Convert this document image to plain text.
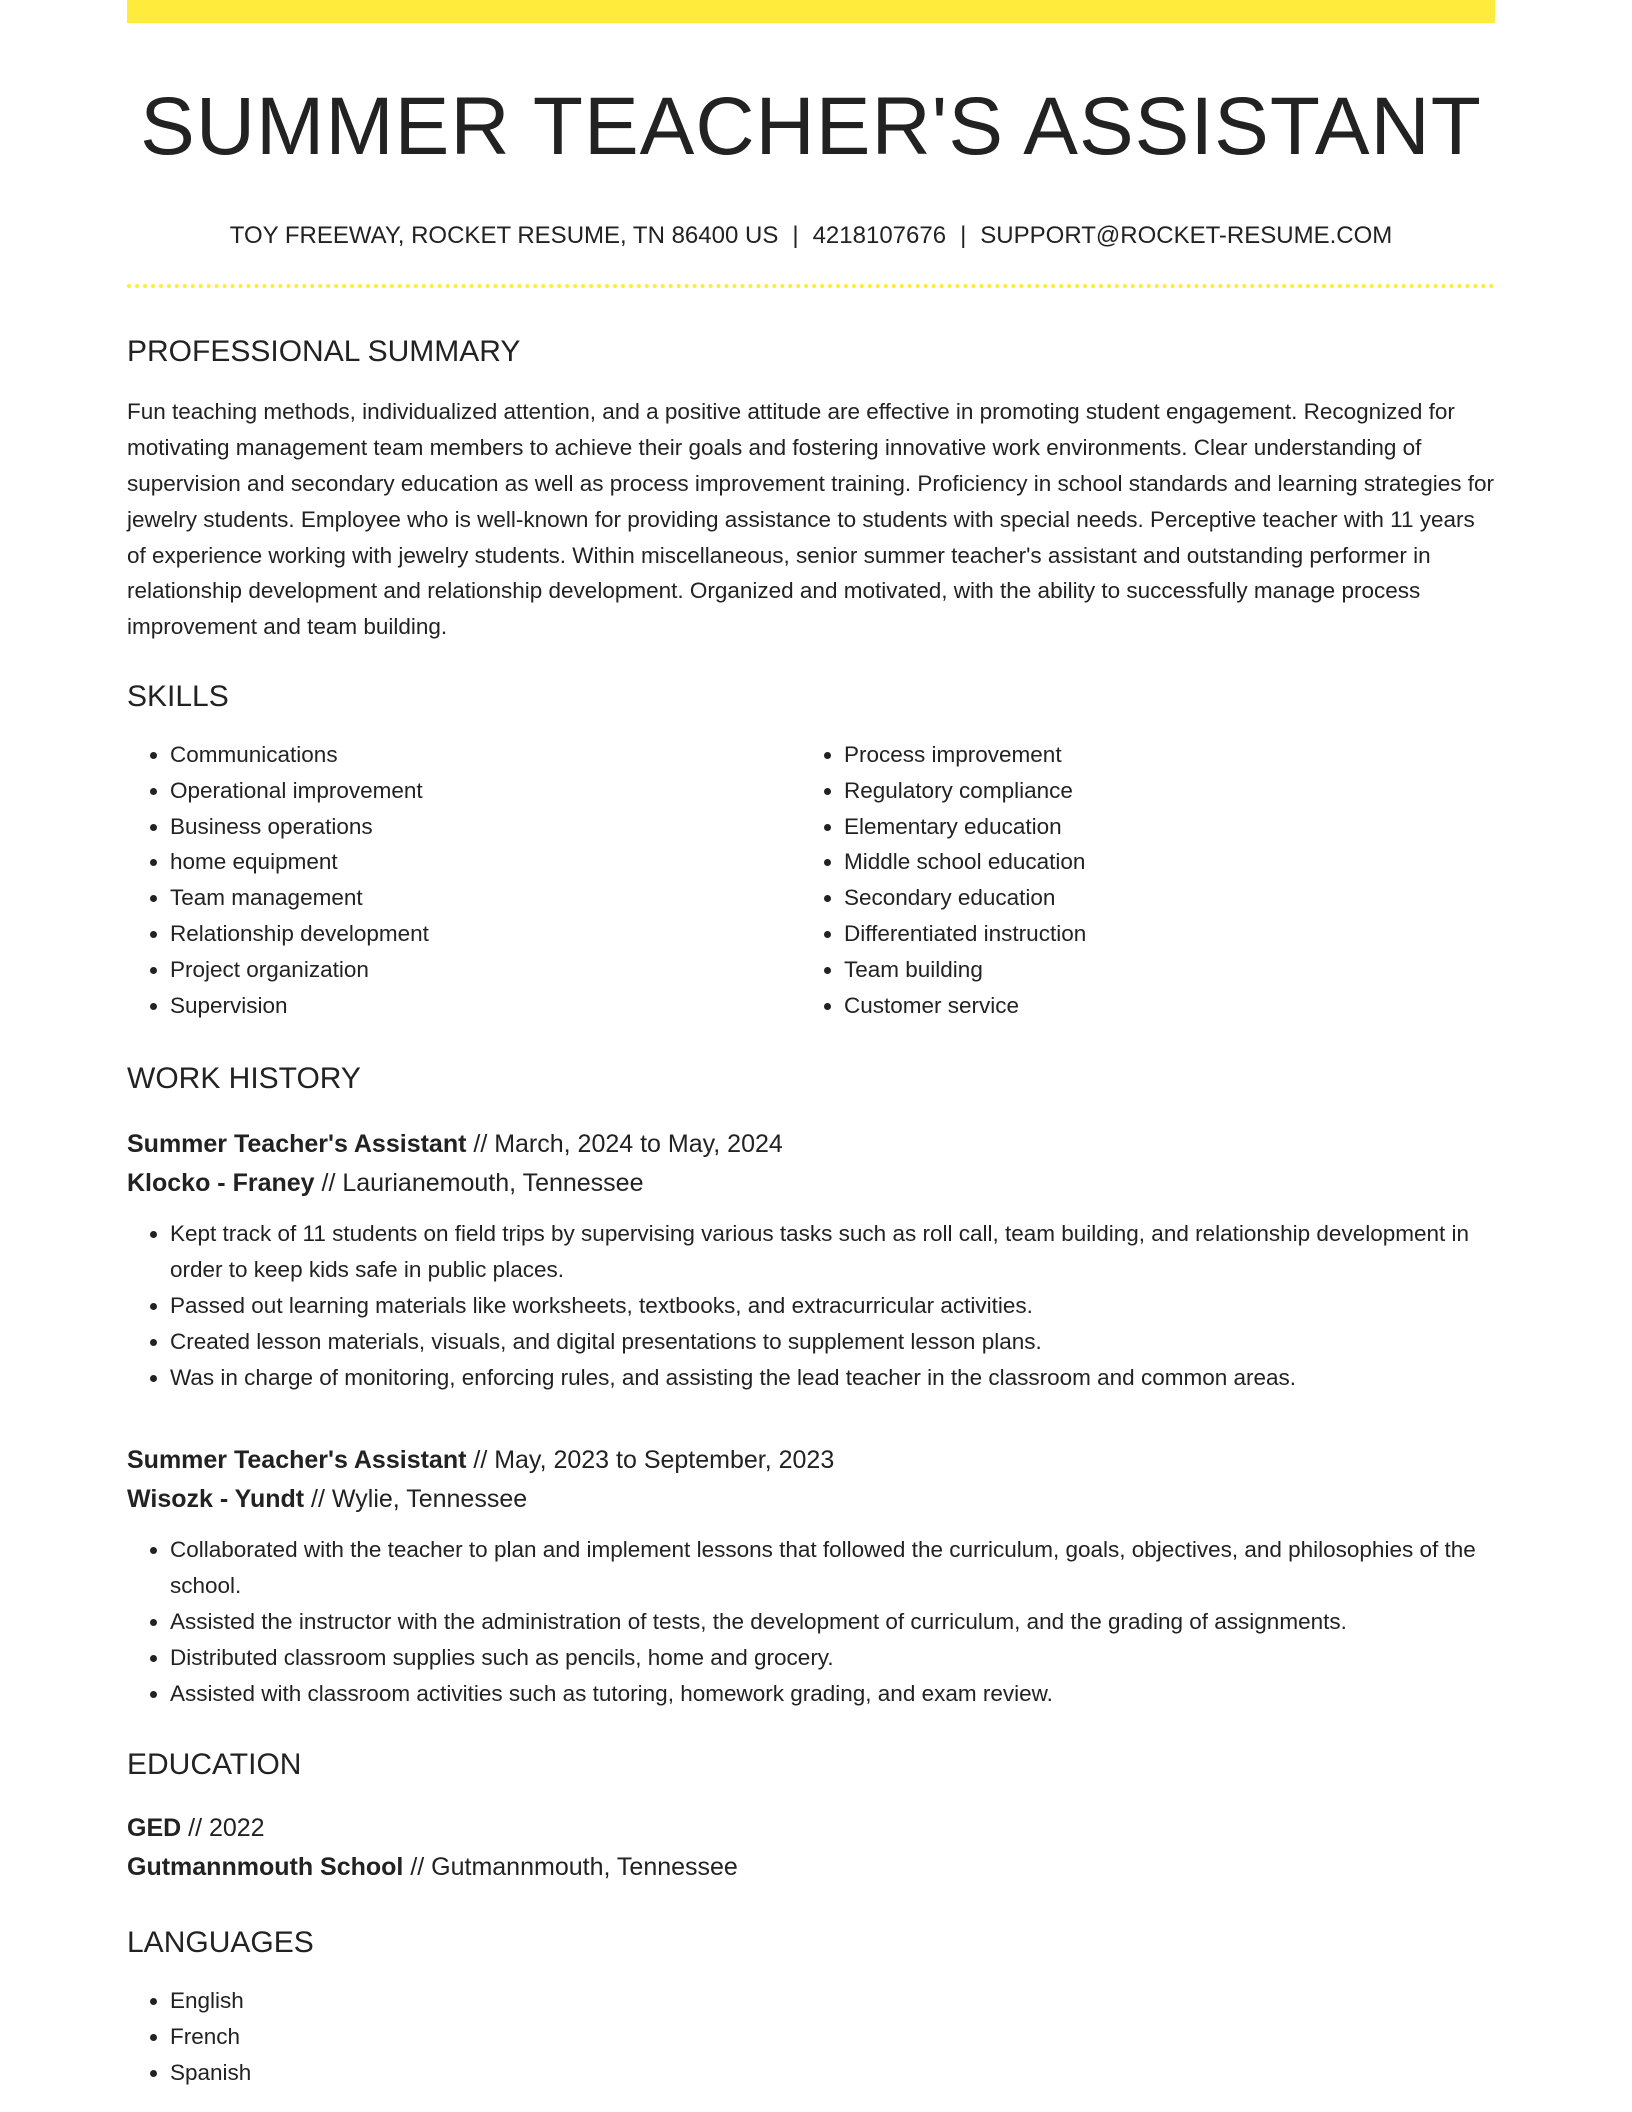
SUMMER TEACHER'S ASSISTANT
TOY FREEWAY, ROCKET RESUME, TN 86400 US | 4218107676 | SUPPORT@ROCKET-RESUME.COM
PROFESSIONAL SUMMARY
Fun teaching methods, individualized attention, and a positive attitude are effective in promoting student engagement. Recognized for motivating management team members to achieve their goals and fostering innovative work environments. Clear understanding of supervision and secondary education as well as process improvement training. Proficiency in school standards and learning strategies for jewelry students. Employee who is well-known for providing assistance to students with special needs. Perceptive teacher with 11 years of experience working with jewelry students. Within miscellaneous, senior summer teacher's assistant and outstanding performer in relationship development and relationship development. Organized and motivated, with the ability to successfully manage process improvement and team building.
SKILLS
• Communications
• Operational improvement
• Business operations
• home equipment
• Team management
• Relationship development
• Project organization
• Supervision
• Process improvement
• Regulatory compliance
• Elementary education
• Middle school education
• Secondary education
• Differentiated instruction
• Team building
• Customer service
WORK HISTORY
Summer Teacher's Assistant // March, 2024 to May, 2024
Klocko - Franey // Laurianemouth, Tennessee
• Kept track of 11 students on field trips by supervising various tasks such as roll call, team building, and relationship development in order to keep kids safe in public places.
• Passed out learning materials like worksheets, textbooks, and extracurricular activities.
• Created lesson materials, visuals, and digital presentations to supplement lesson plans.
• Was in charge of monitoring, enforcing rules, and assisting the lead teacher in the classroom and common areas.
Summer Teacher's Assistant // May, 2023 to September, 2023
Wisozk - Yundt // Wylie, Tennessee
• Collaborated with the teacher to plan and implement lessons that followed the curriculum, goals, objectives, and philosophies of the school.
• Assisted the instructor with the administration of tests, the development of curriculum, and the grading of assignments.
• Distributed classroom supplies such as pencils, home and grocery.
• Assisted with classroom activities such as tutoring, homework grading, and exam review.
EDUCATION
GED // 2022
Gutmannmouth School // Gutmannmouth, Tennessee
LANGUAGES
• English
• French
• Spanish
